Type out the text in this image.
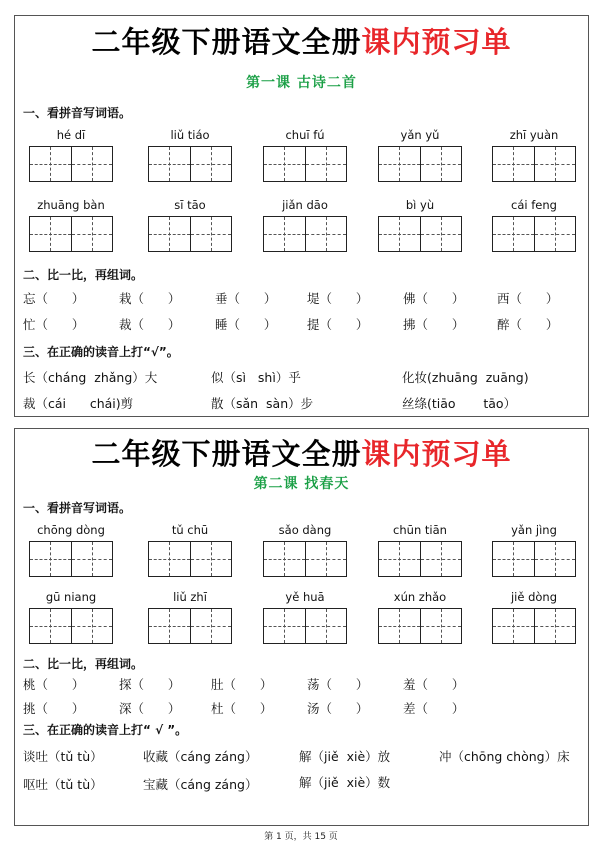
二年级下册语文全册课内预习单
第一课 古诗二首
一、看拼音写词语。
hé dī	liǔ tiáo	chuī fú	yǎn yǔ	zhī yuàn
zhuāng bàn	sī tāo	jiǎn dāo	bì yù	cái feng
二、比一比，再组词。
忘（      ）	栽（      ）	垂（      ） 堤（      ）	佛（      ）	西（      ）
忙（      ）	裁（      ）	睡（      ） 提（      ）	拂（      ）	醉（      ）
三、在正确的读音上打“√”。
长（cháng  zhǎng）大	似（sì   shì）乎	化妆(zhuāng  zuāng)
裁（cái      chái)剪	散（sǎn  sàn）步	丝绦(tiāo       tāo）
二年级下册语文全册课内预习单
第二课 找春天
一、看拼音写词语。
chōng dòng	tǔ chū	sǎo dàng	chūn tiān	yǎn jìng
gū niang	liǔ zhī	yě huā	xún zhǎo	jiě dòng
二、比一比，再组词。
桃（      ）	探（      ） 肚（      ）	荡（      ）	羞（      ）
挑（      ）	深（      ） 杜（      ）	汤（      ）	差（      ）
三、在正确的读音上打“ √ ”。
谈吐（tǔ tù）	收藏（cáng záng）	解（jiě  xiè）放	冲（chōng chòng）床
呕吐（tǔ tù）	宝藏（cáng záng）	解（jiě  xiè）数
第 1 页，共 15 页
